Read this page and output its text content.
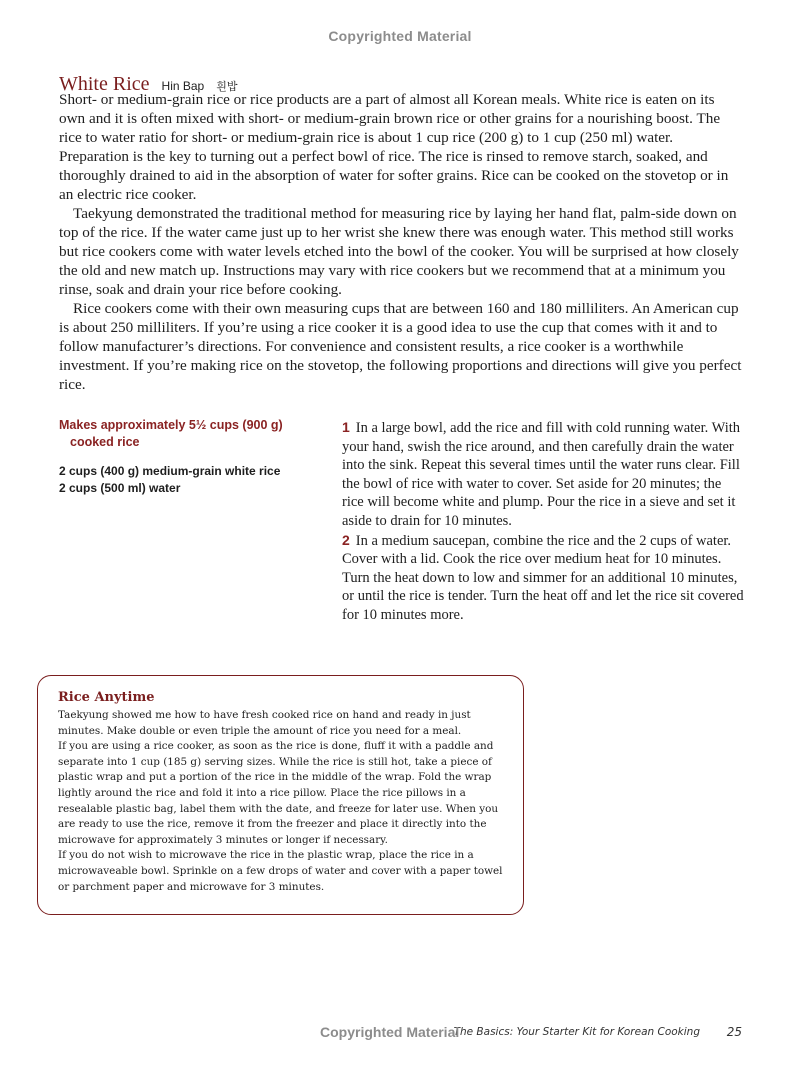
Copyrighted Material
White Rice Hin Bap 흰밥

Short- or medium-grain rice or rice products are a part of almost all Korean meals. White rice is eaten on its own and it is often mixed with short- or medium-grain brown rice or other grains for a nourishing boost. The rice to water ratio for short- or medium-grain rice is about 1 cup rice (200 g) to 1 cup (250 ml) water. Preparation is the key to turning out a perfect bowl of rice. The rice is rinsed to remove starch, soaked, and thoroughly drained to aid in the absorption of water for softer grains. Rice can be cooked on the stovetop or in an electric rice cooker.

Taekyung demonstrated the traditional method for measuring rice by laying her hand flat, palm-side down on top of the rice. If the water came just up to her wrist she knew there was enough water. This method still works but rice cookers come with water levels etched into the bowl of the cooker. You will be surprised at how closely the old and new match up. Instructions may vary with rice cookers but we recommend that at a minimum you rinse, soak and drain your rice before cooking.

Rice cookers come with their own measuring cups that are between 160 and 180 milliliters. An American cup is about 250 milliliters. If you’re using a rice cooker it is a good idea to use the cup that comes with it and to follow manufacturer’s directions. For convenience and consistent results, a rice cooker is a worthwhile investment. If you’re making rice on the stovetop, the following proportions and directions will give you perfect rice.

Makes approximately 5½ cups (900 g) cooked rice

2 cups (400 g) medium-grain white rice
2 cups (500 ml) water

1 In a large bowl, add the rice and fill with cold running water. With your hand, swish the rice around, and then carefully drain the water into the sink. Repeat this several times until the water runs clear. Fill the bowl of rice with water to cover. Set aside for 20 minutes; the rice will become white and plump. Pour the rice in a sieve and set it aside to drain for 10 minutes.

2 In a medium saucepan, combine the rice and the 2 cups of water. Cover with a lid. Cook the rice over medium heat for 10 minutes. Turn the heat down to low and simmer for an additional 10 minutes, or until the rice is tender. Turn the heat off and let the rice sit covered for 10 minutes more.

Rice Anytime

Taekyung showed me how to have fresh cooked rice on hand and ready in just minutes. Make double or even triple the amount of rice you need for a meal.

If you are using a rice cooker, as soon as the rice is done, fluff it with a paddle and separate into 1 cup (185 g) serving sizes. While the rice is still hot, take a piece of plastic wrap and put a portion of the rice in the middle of the wrap. Fold the wrap lightly around the rice and fold it into a rice pillow. Place the rice pillows in a resealable plastic bag, label them with the date, and freeze for later use. When you are ready to use the rice, remove it from the freezer and place it directly into the microwave for approximately 3 minutes or longer if necessary.

If you do not wish to microwave the rice in the plastic wrap, place the rice in a microwaveable bowl. Sprinkle on a few drops of water and cover with a paper towel or parchment paper and microwave for 3 minutes.

The Basics: Your Starter Kit for Korean Cooking
Copyrighted Material	25
